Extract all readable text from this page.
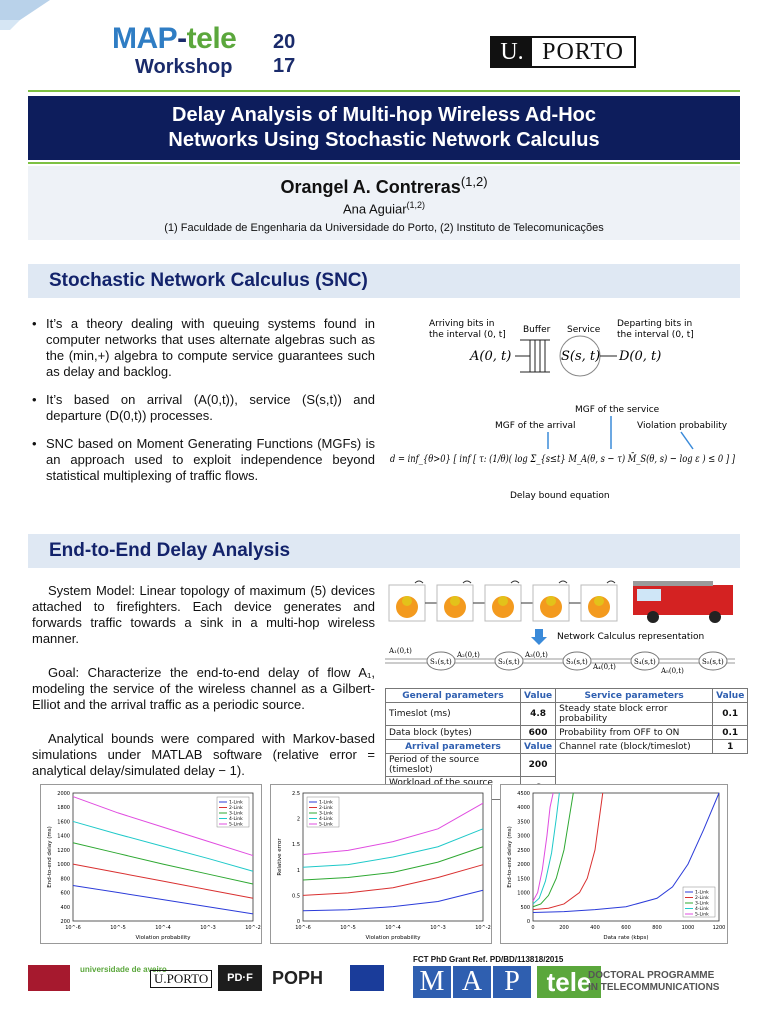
MAP-tele
Workshop
20
17
U. PORTO
Delay Analysis of Multi-hop Wireless Ad-Hoc
Networks Using Stochastic Network Calculus
Orangel A. Contreras$^{(1,2)}$
Ana Aguiar$^{(1,2)}$
(1) Faculdade de Engenharia da Universidade do Porto, (2) Instituto de Telecomunicações
Stochastic Network Calculus (SNC)
• It’s a theory dealing with queuing systems found in computer networks that uses alternate algebras such as the (min,+) algebra to compute service guarantees such as delay and backlog.
• It’s based on arrival (A(0,t)), service (S(s,t)) and departure (D(0,t)) processes.
• SNC based on Moment Generating Functions (MGFs) is an approach used to exploit independence beyond statistical multiplexing of traffic flows.
Arriving bits in
the interval (0, t] Buffer Service
Departing bits in
the interval (0, t]
A(0, t)	S(s, t) D(0, t)
MGF of the service
MGF of the arrival	Violation probability
d = inf_{θ>0} [ inf [ τ: (1/θ)( log Σ_{s≤t} M_A(θ, s − τ) M̄_S(θ, s) − log ε ) ≤ 0 ] ]
Delay bound equation
End-to-End Delay Analysis

System Model: Linear topology of maximum (5) devices attached to firefighters. Each device generates and forwards traffic towards a sink in a multi-hop wireless manner.

Goal: Characterize the end-to-end delay of flow A₁, modeling the service of the wireless channel as a Gilbert-Elliot and the arrival traffic as a periodic source.

Analytical bounds were compared with Markov-based simulations under MATLAB software (relative error = analytical delay/simulated delay − 1).

Network Calculus representation
S₁(s,t)	S₂(s,t)	S₃(s,t)	S₄(s,t)	S₅(s,t)
A₁(0,t)	A₂(0,t)	A₃(0,t)
A₄(0,t)	A₅(0,t)
General parameters	Value	Service parameters	Value
Timeslot (ms)	4.8	Steady state block error probability	0.1
Data block (bytes)	600	Probability from OFF to ON	0.1
Arrival parameters	Value	Channel rate (block/timeslot)	1
Period of the source (timeslot)	200		
Workload of the source	6		
200
400
600
800
1000
1200
1400
1600
1800
2000
10^-6	10^-5	10^-4	10^-3	10^-2
Violation probability
End-to-end delay (ms)
1-Link
2-Link
3-Link
4-Link
5-Link
0
0.5
1
1.5
2
2.5
10^-6	10^-5	10^-4	10^-3	10^-2
Violation probability
Relative error
1-Link
2-Link
3-Link
4-Link
5-Link
0
500
1000
1500
2000
2500
3000
3500
4000
4500
0	200	400	600	800	1000	1200
Data rate (kbps)
End-to-end delay (ms)
1-Link
2-Link
3-Link
4-Link
5-Link
universidade de aveiro
U.PORTO	PD·F	POPH
FCT PhD Grant Ref. PD/BD/113818/2015
M A P	tele
DOCTORAL PROGRAMME
IN TELECOMMUNICATIONS
